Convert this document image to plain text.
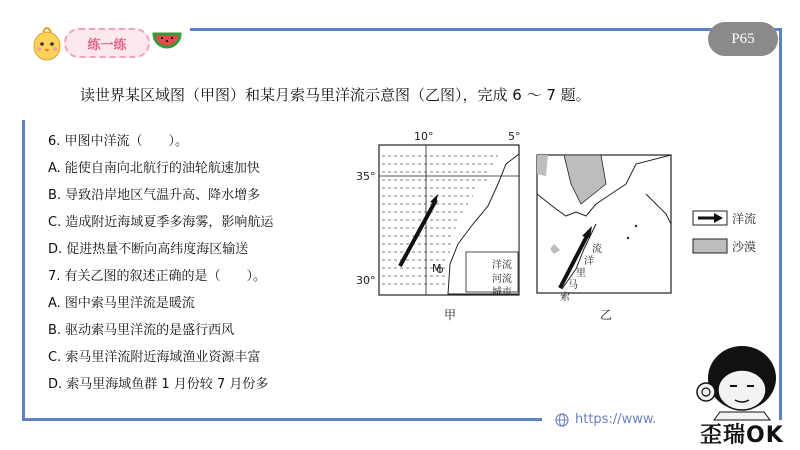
练一练	P65
读世界某区域图（甲图）和某月索马里洋流示意图（乙图），完成 6 ～ 7 题。
6. 甲图中洋流（　　）。
A. 能使自南向北航行的油轮航速加快
B. 导致沿岸地区气温升高、降水增多
C. 造成附近海域夏季多海雾，影响航运
D. 促进热量不断向高纬度海区输送
7. 有关乙图的叙述正确的是（　　）。
A. 图中索马里洋流是暖流
B. 驱动索马里洋流的是盛行西风
C. 索马里洋流附近海域渔业资源丰富
D. 索马里海域鱼群 1 月份较 7 月份多
10°	5°
35°
30°
M	洋流
河流
城市
甲
流
洋
里
马
索
乙
洋流
沙漠
https://www.
歪瑞OK
